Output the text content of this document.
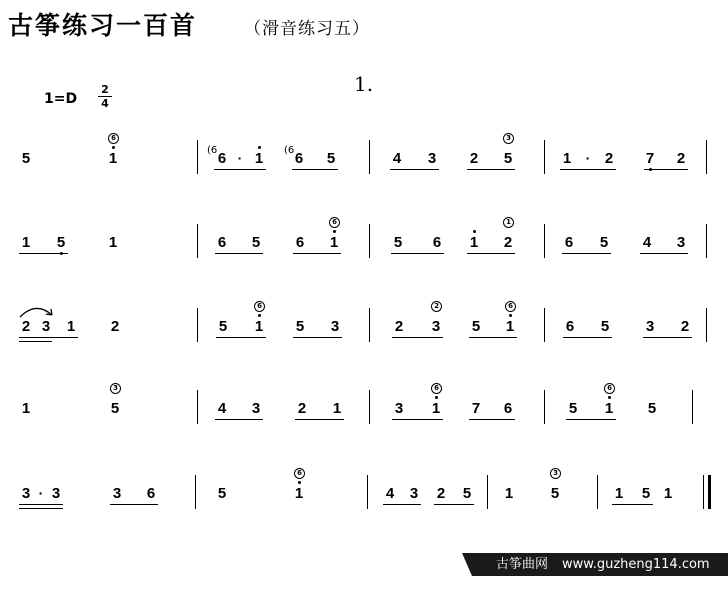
古筝练习一百首	（滑音练习五）
1=D
2
4
1.
5	1
6
6
(6	· 1 6
(6 5	4 3 2 5
3
1	· 2 7 2
1 5	1	6 5 6 1
6
5 6 1 2
1
6 5 4 3
2 3 1 2	5 1
6
5 3	2 3
2
5 1
6
6 5 3 2
1	5
3
4 3	2 1	3 1
6
7 6	5 1
6
5
3 · 3	3 6	5	1
6
4 3 2 5 1	5
3
1 5 1
古筝曲网 www.guzheng114.com
